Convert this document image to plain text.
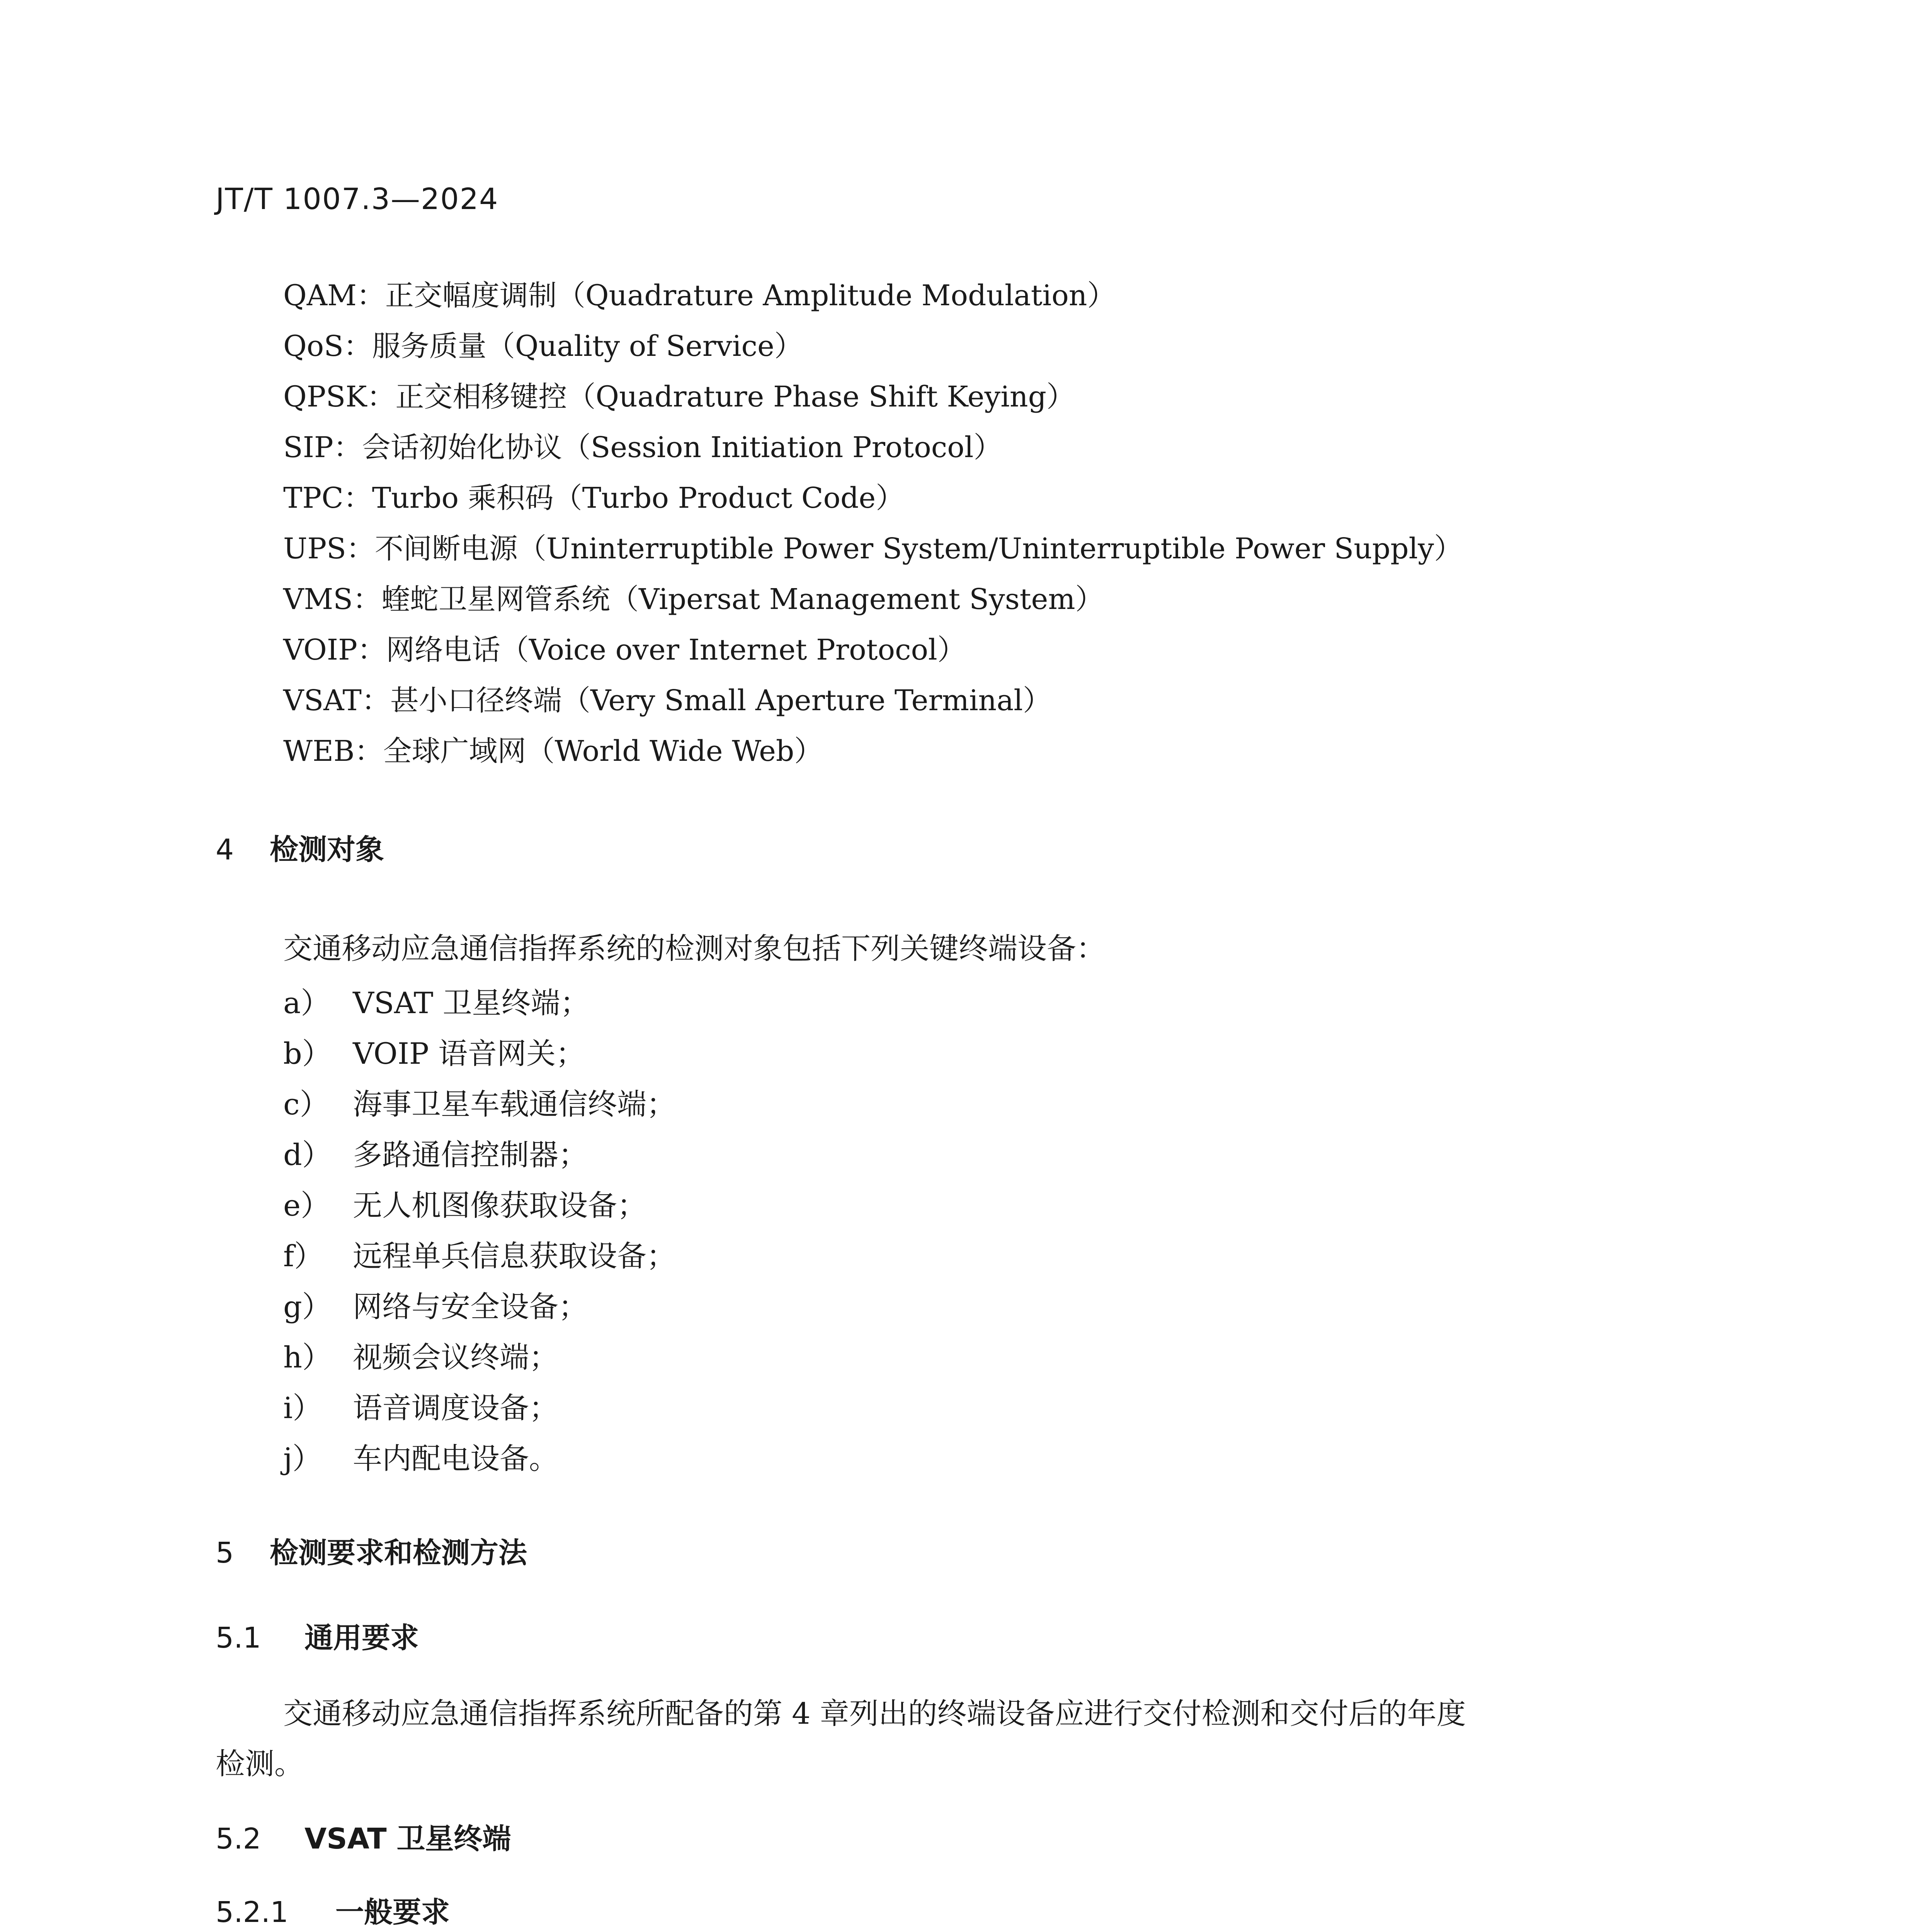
JT/T 1007.3—2024
QAM：正交幅度调制（Quadrature Amplitude Modulation）
QoS：服务质量（Quality of Service）
QPSK：正交相移键控（Quadrature Phase Shift Keying）
SIP：会话初始化协议（Session Initiation Protocol）
TPC：Turbo 乘积码（Turbo Product Code）
UPS：不间断电源（Uninterruptible Power System/Uninterruptible Power Supply）
VMS：蝰蛇卫星网管系统（Vipersat Management System）
VOIP：网络电话（Voice over Internet Protocol）
VSAT：甚小口径终端（Very Small Aperture Terminal）
WEB：全球广域网（World Wide Web）
4 检测对象
交通移动应急通信指挥系统的检测对象包括下列关键终端设备：
a） VSAT 卫星终端；
b） VOIP 语音网关；
c） 海事卫星车载通信终端；
d） 多路通信控制器；
e） 无人机图像获取设备；
f） 远程单兵信息获取设备；
g） 网络与安全设备；
h） 视频会议终端；
i） 语音调度设备；
j） 车内配电设备。
5 检测要求和检测方法
5.1 通用要求
交通移动应急通信指挥系统所配备的第 4 章列出的终端设备应进行交付检测和交付后的年度
检测。
5.2 VSAT 卫星终端
5.2.1 一般要求
